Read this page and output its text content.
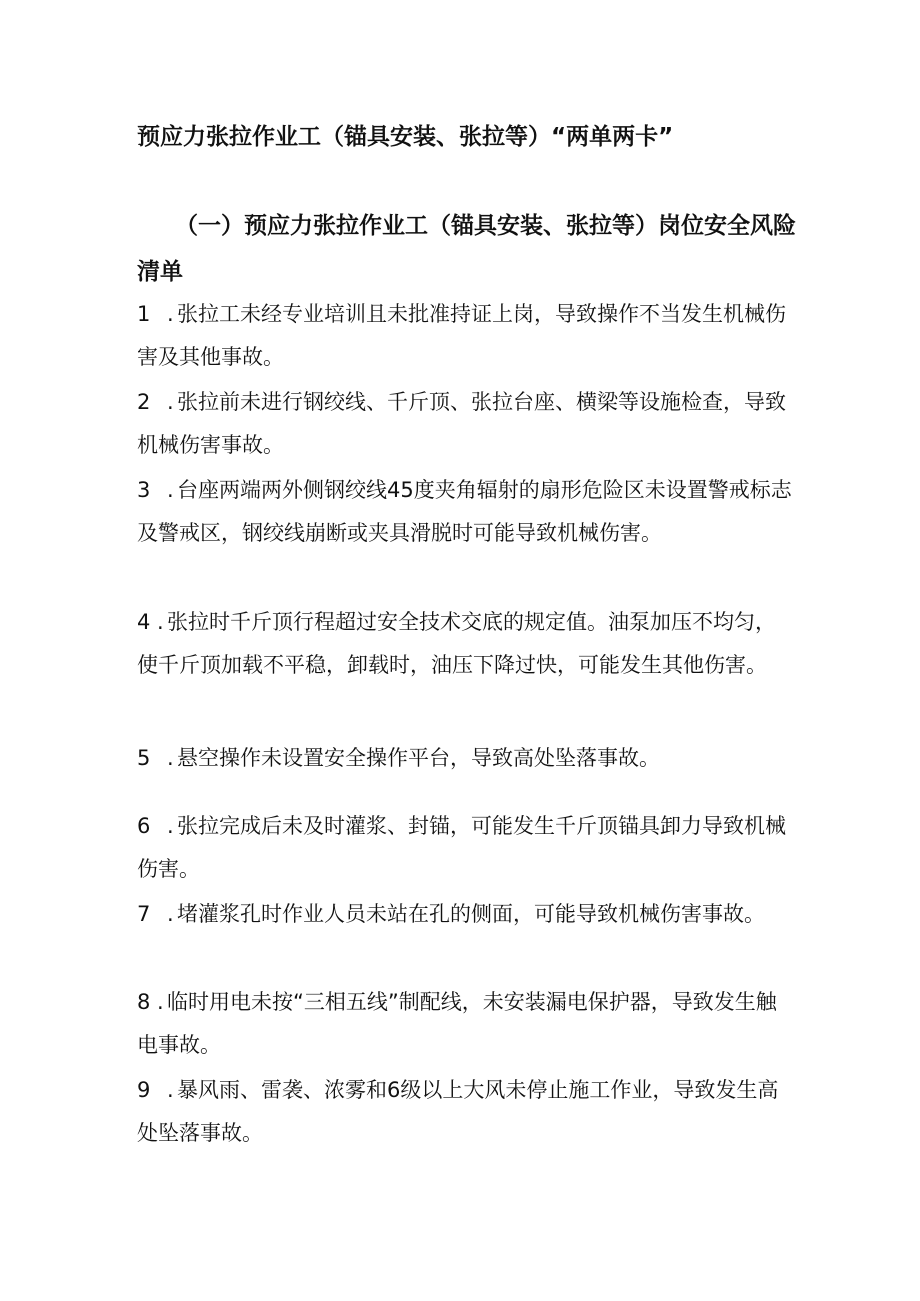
预应力张拉作业工（锚具安装、张拉等）“两单两卡”
（一）预应力张拉作业工（锚具安装、张拉等）岗位安全风险清单
1 . 张拉工未经专业培训且未批准持证上岗，导致操作不当发生机械伤害及其他事故。
2 . 张拉前未进行钢绞线、千斤顶、张拉台座、横梁等设施检查，导致机械伤害事故。
3 . 台座两端两外侧钢绞线45度夹角辐射的扇形危险区未设置警戒标志及警戒区，钢绞线崩断或夹具滑脱时可能导致机械伤害。
4 . 张拉时千斤顶行程超过安全技术交底的规定值。油泵加压不均匀，使千斤顶加载不平稳，卸载时，油压下降过快，可能发生其他伤害。
5 . 悬空操作未设置安全操作平台，导致高处坠落事故。
6 . 张拉完成后未及时灌浆、封锚，可能发生千斤顶锚具卸力导致机械伤害。
7 . 堵灌浆孔时作业人员未站在孔的侧面，可能导致机械伤害事故。
8 . 临时用电未按“三相五线”制配线，未安装漏电保护器，导致发生触电事故。
9 . 暴风雨、雷袭、浓雾和6级以上大风未停止施工作业，导致发生高处坠落事故。
